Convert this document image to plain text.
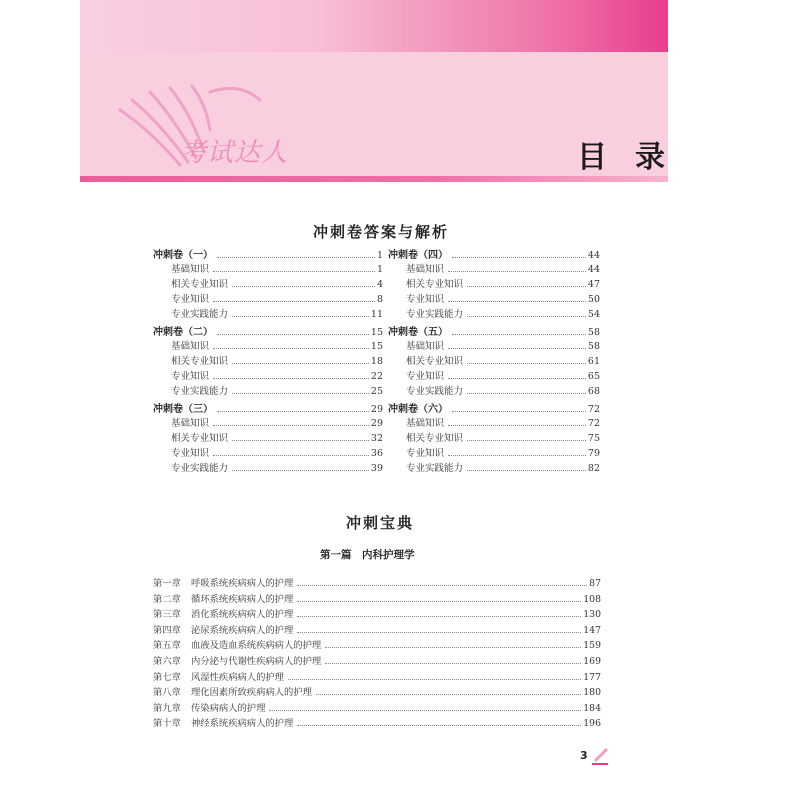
考试达人	目录
冲刺卷答案与解析
冲刺卷（一）	1
基础知识	1
相关专业知识	4
专业知识	8
专业实践能力	11
冲刺卷（二）	15
基础知识	15
相关专业知识	18
专业知识	22
专业实践能力	25
冲刺卷（三）	29
基础知识	29
相关专业知识	32
专业知识	36
专业实践能力	39
冲刺卷（四）	44
基础知识	44
相关专业知识	47
专业知识	50
专业实践能力	54
冲刺卷（五）	58
基础知识	58
相关专业知识	61
专业知识	65
专业实践能力	68
冲刺卷（六）	72
基础知识	72
相关专业知识	75
专业知识	79
专业实践能力	82
冲刺宝典
第一篇　内科护理学
第一章	呼吸系统疾病病人的护理	87
第二章	循环系统疾病病人的护理	108
第三章	消化系统疾病病人的护理	130
第四章	泌尿系统疾病病人的护理	147
第五章	血液及造血系统疾病病人的护理	159
第六章	内分泌与代谢性疾病病人的护理	169
第七章	风湿性疾病病人的护理	177
第八章	理化因素所致疾病病人的护理	180
第九章	传染病病人的护理	184
第十章	神经系统疾病病人的护理	196
3
